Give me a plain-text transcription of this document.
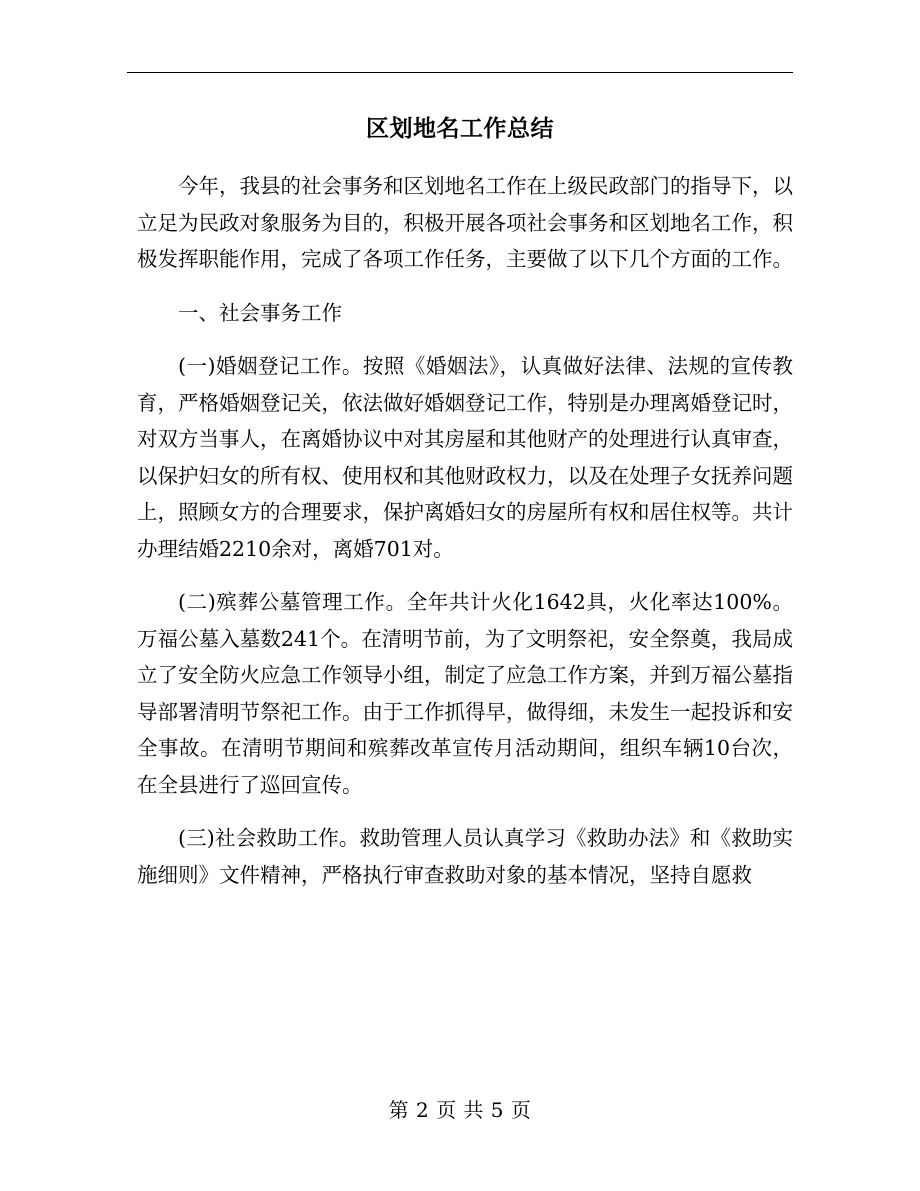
区划地名工作总结

今年，我县的社会事务和区划地名工作在上级民政部门的指导下，以立足为民政对象服务为目的，积极开展各项社会事务和区划地名工作，积极发挥职能作用，完成了各项工作任务，主要做了以下几个方面的工作。

一、社会事务工作

(一)婚姻登记工作。按照《婚姻法》，认真做好法律、法规的宣传教育，严格婚姻登记关，依法做好婚姻登记工作，特别是办理离婚登记时，对双方当事人，在离婚协议中对其房屋和其他财产的处理进行认真审查，以保护妇女的所有权、使用权和其他财政权力，以及在处理子女抚养问题上，照顾女方的合理要求，保护离婚妇女的房屋所有权和居住权等。共计办理结婚2210余对，离婚701对。

(二)殡葬公墓管理工作。全年共计火化1642具，火化率达100%。万福公墓入墓数241个。在清明节前，为了文明祭祀，安全祭奠，我局成立了安全防火应急工作领导小组，制定了应急工作方案，并到万福公墓指导部署清明节祭祀工作。由于工作抓得早，做得细，未发生一起投诉和安全事故。在清明节期间和殡葬改革宣传月活动期间，组织车辆10台次，在全县进行了巡回宣传。

(三)社会救助工作。救助管理人员认真学习《救助办法》和《救助实施细则》文件精神，严格执行审查救助对象的基本情况，坚持自愿救

第 2 页 共 5 页
